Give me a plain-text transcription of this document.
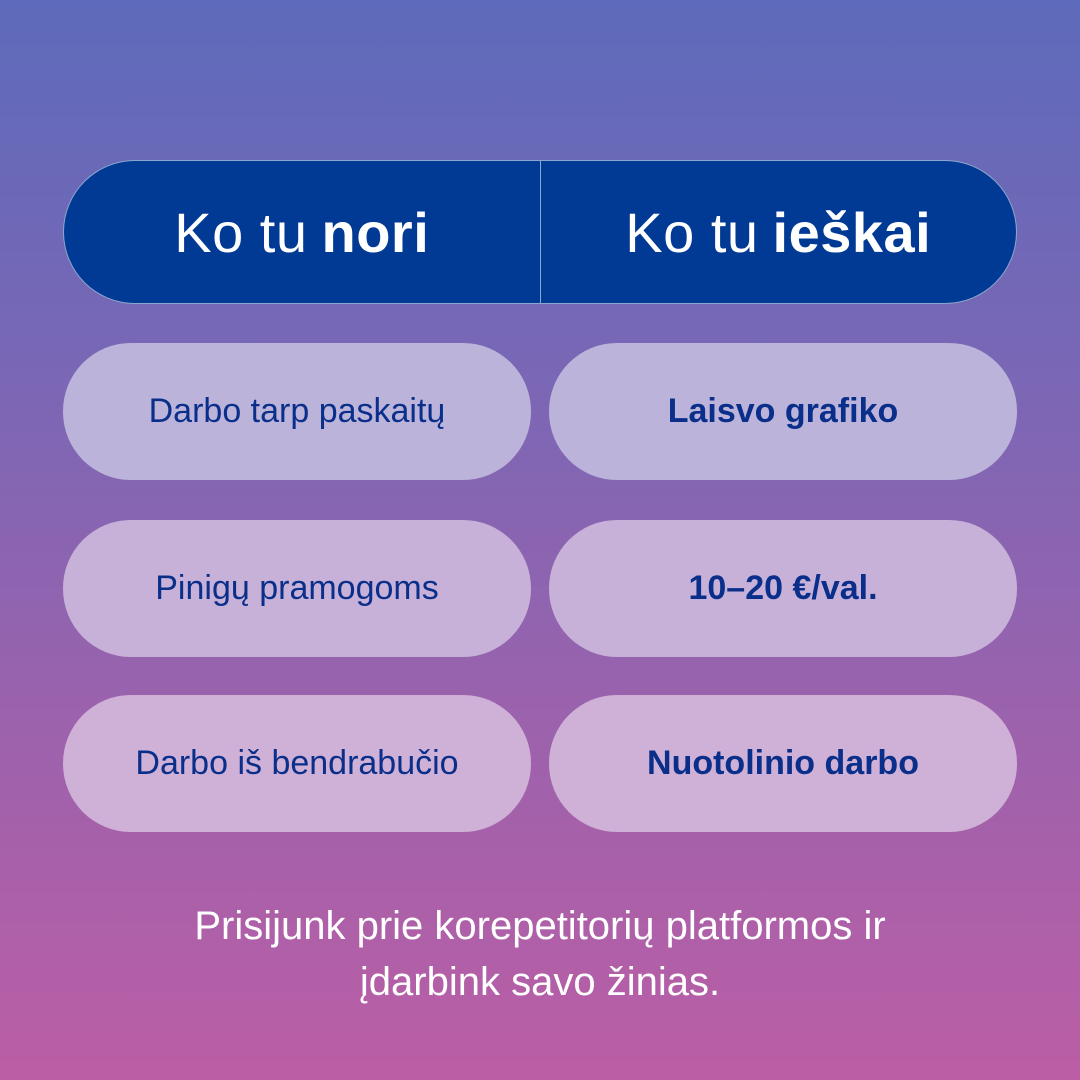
Ko tu nori	Ko tu ieškai
Darbo tarp paskaitų	Laisvo grafiko
Pinigų pramogoms	10–20 €/val.
Darbo iš bendrabučio	Nuotolinio darbo
Prisijunk prie korepetitorių platformos ir
įdarbink savo žinias.
